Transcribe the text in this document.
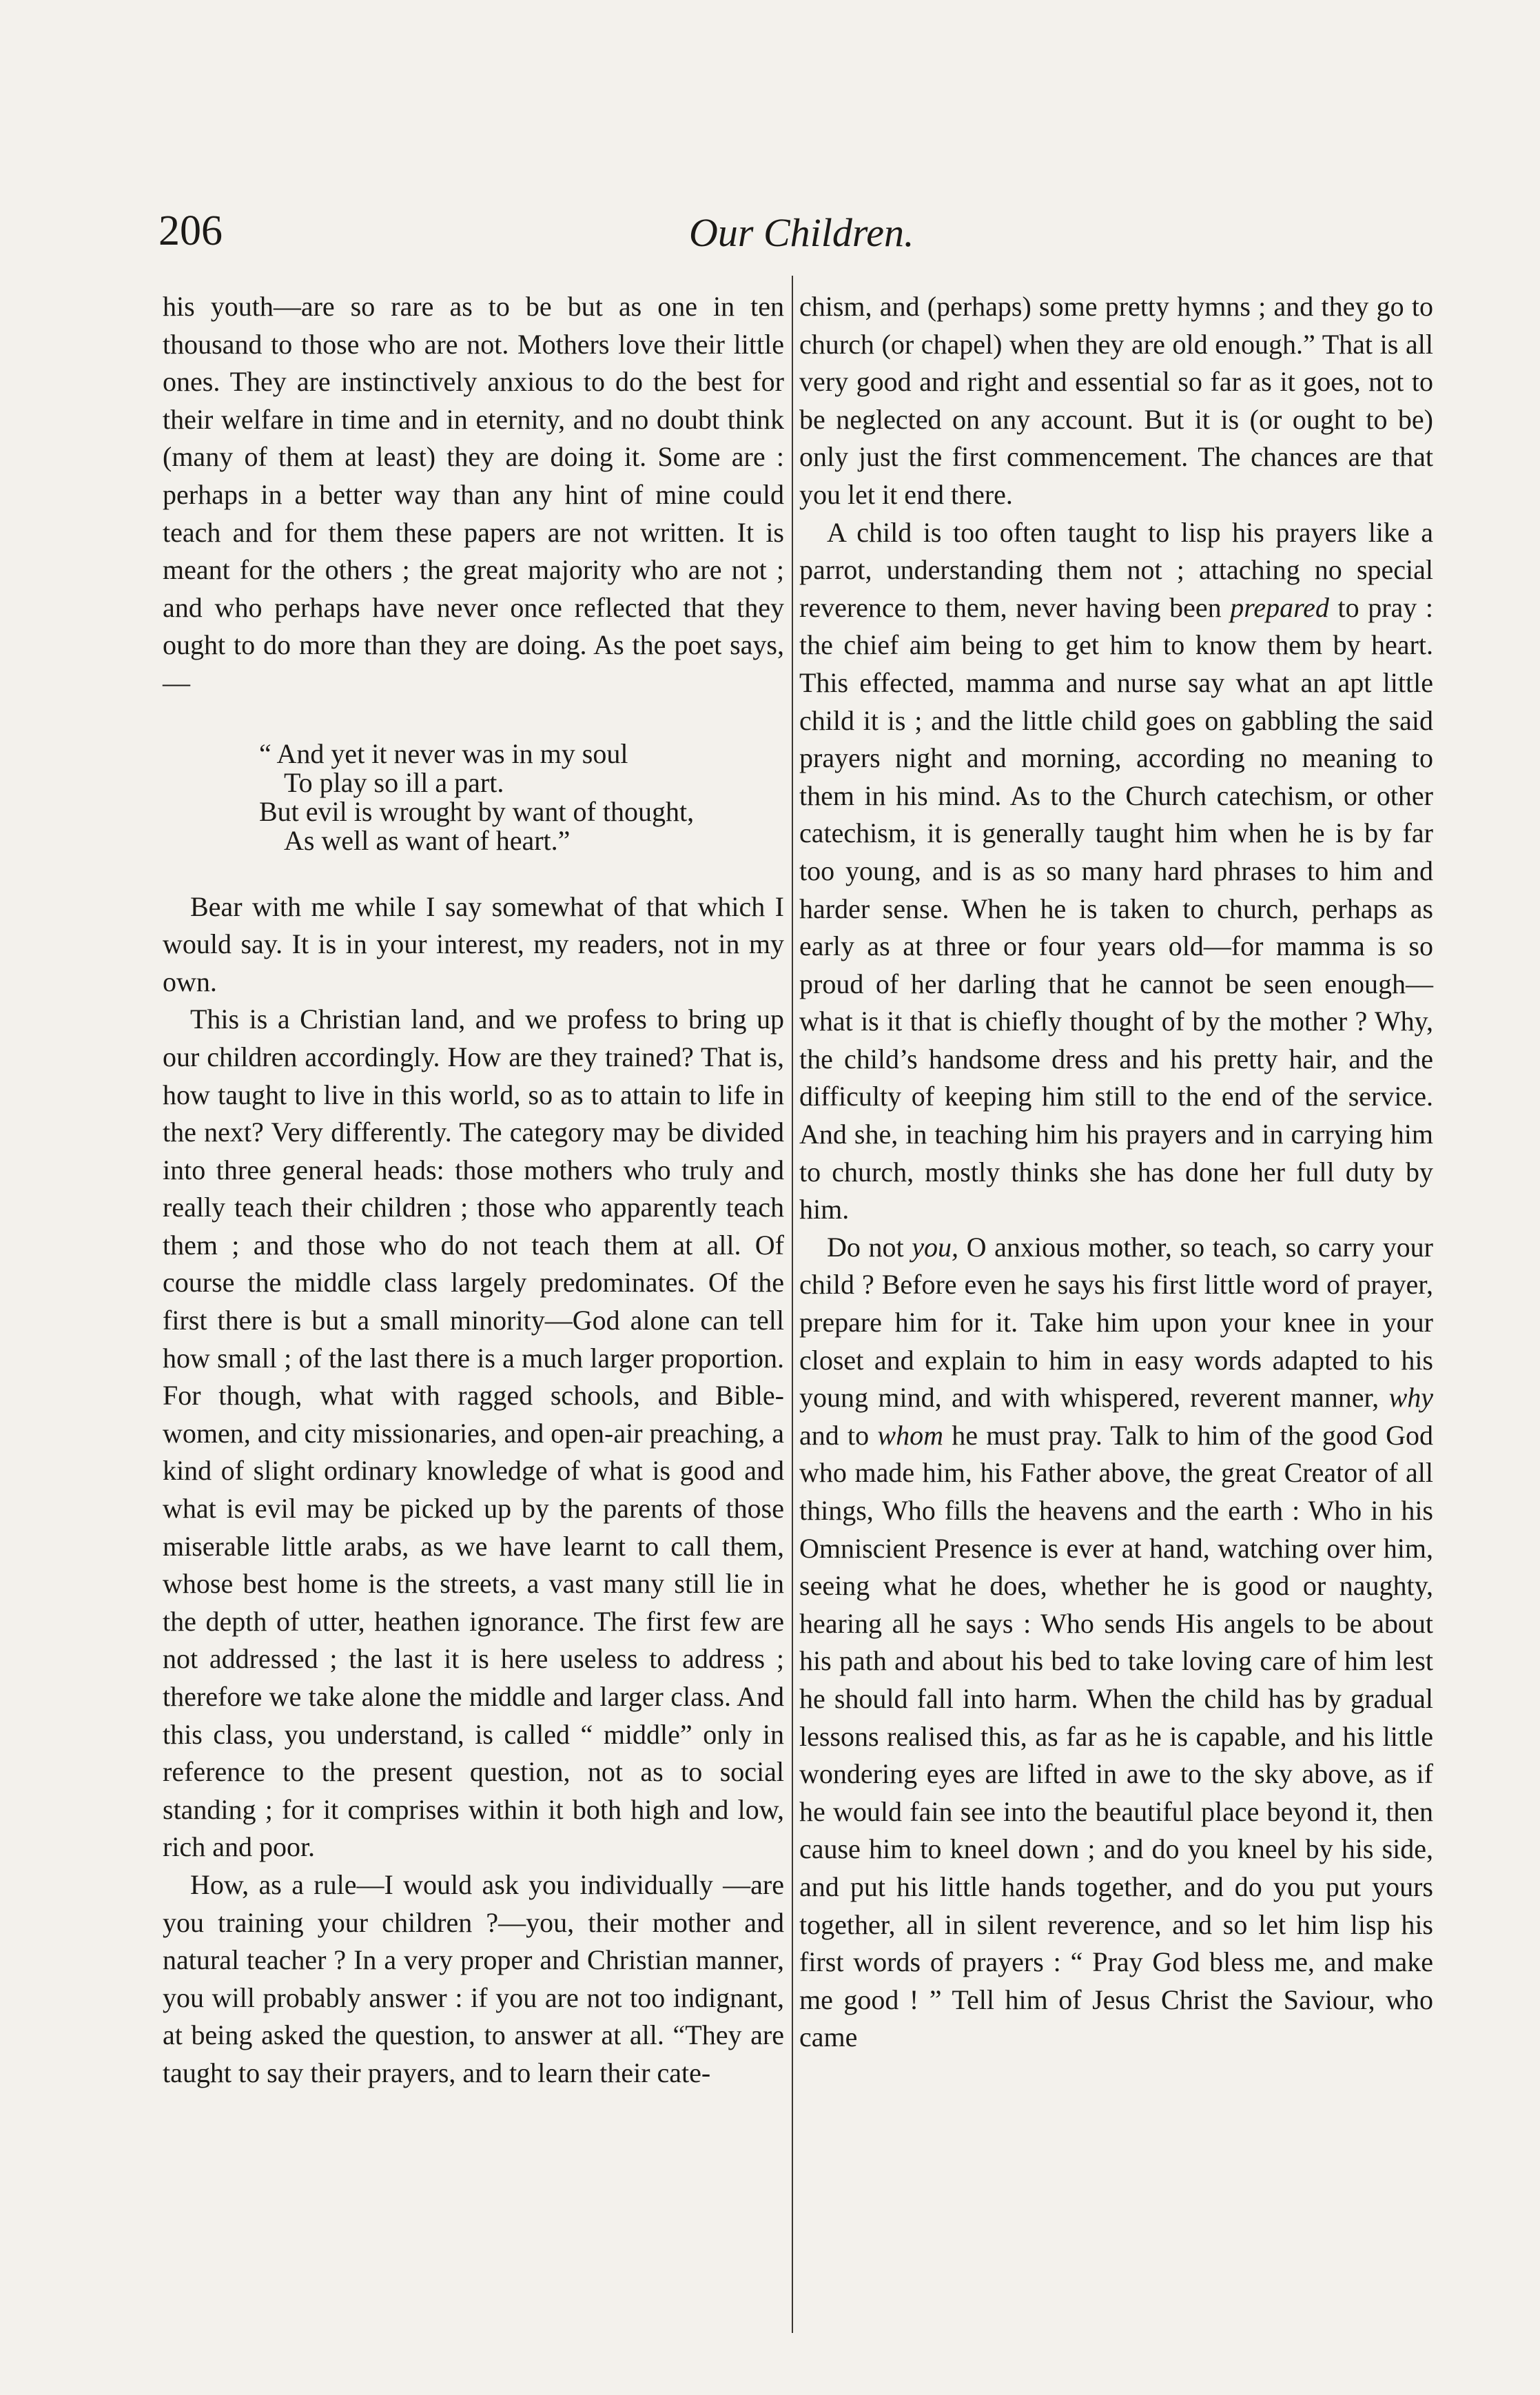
206	Our Children.

his youth—are so rare as to be but as one in ten thousand to those who are not. Mothers love their little ones. They are instinctively anxious to do the best for their welfare in time and in eternity, and no doubt think (many of them at least) they are doing it. Some are : perhaps in a better way than any hint of mine could teach and for them these papers are not written. It is meant for the others ; the great majority who are not ; and who perhaps have never once reflected that they ought to do more than they are doing. As the poet says,—

“ And yet it never was in my soul
To play so ill a part.
But evil is wrought by want of thought,
As well as want of heart.”

Bear with me while I say somewhat of that which I would say. It is in your interest, my readers, not in my own.

This is a Christian land, and we profess to bring up our children accordingly. How are they trained? That is, how taught to live in this world, so as to attain to life in the next? Very differently. The category may be divided into three general heads: those mothers who truly and really teach their children ; those who apparently teach them ; and those who do not teach them at all. Of course the middle class largely predominates. Of the first there is but a small minority—God alone can tell how small ; of the last there is a much larger proportion. For though, what with ragged schools, and Bible-women, and city missionaries, and open-air preaching, a kind of slight ordinary knowledge of what is good and what is evil may be picked up by the parents of those miserable little arabs, as we have learnt to call them, whose best home is the streets, a vast many still lie in the depth of utter, heathen ignorance. The first few are not addressed ; the last it is here useless to address ; therefore we take alone the middle and larger class. And this class, you understand, is called “ middle” only in reference to the present question, not as to social standing ; for it comprises within it both high and low, rich and poor.

How, as a rule—I would ask you individually —are you training your children ?—you, their mother and natural teacher ? In a very proper and Christian manner, you will probably answer : if you are not too indignant, at being asked the question, to answer at all. “They are taught to say their prayers, and to learn their cate-

chism, and (perhaps) some pretty hymns ; and they go to church (or chapel) when they are old enough.” That is all very good and right and essential so far as it goes, not to be neglected on any account. But it is (or ought to be) only just the first commencement. The chances are that you let it end there.

A child is too often taught to lisp his prayers like a parrot, understanding them not ; attaching no special reverence to them, never having been prepared to pray : the chief aim being to get him to know them by heart. This effected, mamma and nurse say what an apt little child it is ; and the little child goes on gabbling the said prayers night and morning, according no meaning to them in his mind. As to the Church catechism, or other catechism, it is generally taught him when he is by far too young, and is as so many hard phrases to him and harder sense. When he is taken to church, perhaps as early as at three or four years old—for mamma is so proud of her darling that he cannot be seen enough—what is it that is chiefly thought of by the mother ? Why, the child’s handsome dress and his pretty hair, and the difficulty of keeping him still to the end of the service. And she, in teaching him his prayers and in carrying him to church, mostly thinks she has done her full duty by him.

Do not you, O anxious mother, so teach, so carry your child ? Before even he says his first little word of prayer, prepare him for it. Take him upon your knee in your closet and explain to him in easy words adapted to his young mind, and with whispered, reverent manner, why and to whom he must pray. Talk to him of the good God who made him, his Father above, the great Creator of all things, Who fills the heavens and the earth : Who in his Omniscient Presence is ever at hand, watching over him, seeing what he does, whether he is good or naughty, hearing all he says : Who sends His angels to be about his path and about his bed to take loving care of him lest he should fall into harm. When the child has by gradual lessons realised this, as far as he is capable, and his little wondering eyes are lifted in awe to the sky above, as if he would fain see into the beautiful place beyond it, then cause him to kneel down ; and do you kneel by his side, and put his little hands together, and do you put yours together, all in silent reverence, and so let him lisp his first words of prayers : “ Pray God bless me, and make me good ! ” Tell him of Jesus Christ the Saviour, who came
